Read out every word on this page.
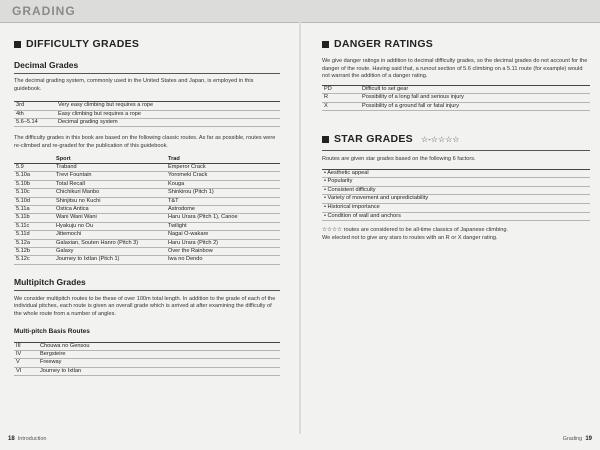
GRADING
DIFFICULTY GRADES
Decimal Grades

The decimal grading system, commonly used in the United States and Japan, is employed in this guidebook.

3rd	Very easy climbing but requires a rope
4th	Easy climbing but requires a rope
5.6–5.14	Decimal grading system

The difficulty grades in this book are based on the following classic routes. As far as possible, routes were re-climbed and re-graded for the publication of this guidebook.

	Sport	Trad
5.9	Traband	Emperor Crack
5.10a	Trevi Fountain	Yoromeki Crack
5.10b	Total Recall	Kouga
5.10c	Chichikuri Manbo	Shinkirou (Pitch 1)
5.10d	Shinjitsu no Kuchi	T&T
5.11a	Ostica Antica	Astrodome
5.11b	Wani Wani Wani	Haru Urara (Pitch 1), Canoe
5.11c	Hyakuju no Ou	Twilight
5.11d	Jittemochi	Nagai O-wakare
5.12a	Galaxian, Souten Hanro (Pitch 3)	Haru Urara (Pitch 2)
5.12b	Galaxy	Over the Rainbow
5.12c	Journey to Ixtlan (Pitch 1)	Iwa no Dendo
Multipitch Grades

We consider multipitch routes to be these of over 100m total length. In addition to the grade of each of the individual pitches, each route is given an overall grade which is arrived at after examining the difficulty of the whole route from a number of angles.

Multi-pitch Basis Routes
III	Chouwa no Gensou
IV	Bergsteire
V	Freeway
VI	Journey to Ixtlan
DANGER RATINGS

We give danger ratings in addition to decimal difficulty grades, so the decimal grades do not account for the danger of the route. Having said that, a runout section of 5.6 climbing on a 5.11 route (for example) would not warrant the addition of a danger rating.

PD	Difficult to set gear
R	Possibility of a long fall and serious injury
X	Possibility of a ground fall or fatal injury
STAR GRADES ☆-☆☆☆☆

Routes are given star grades based on the following 6 factors.

• Aesthetic appeal
• Popularity
• Consistent difficulty
• Variety of movement and unpredictability
• Historical importance
• Condition of wall and anchors

☆☆☆☆ routes are considered to be all-time classics of Japanese climbing.

We elected not to give any stars to routes with an R or X danger rating.

18 Introduction	Grading 19
